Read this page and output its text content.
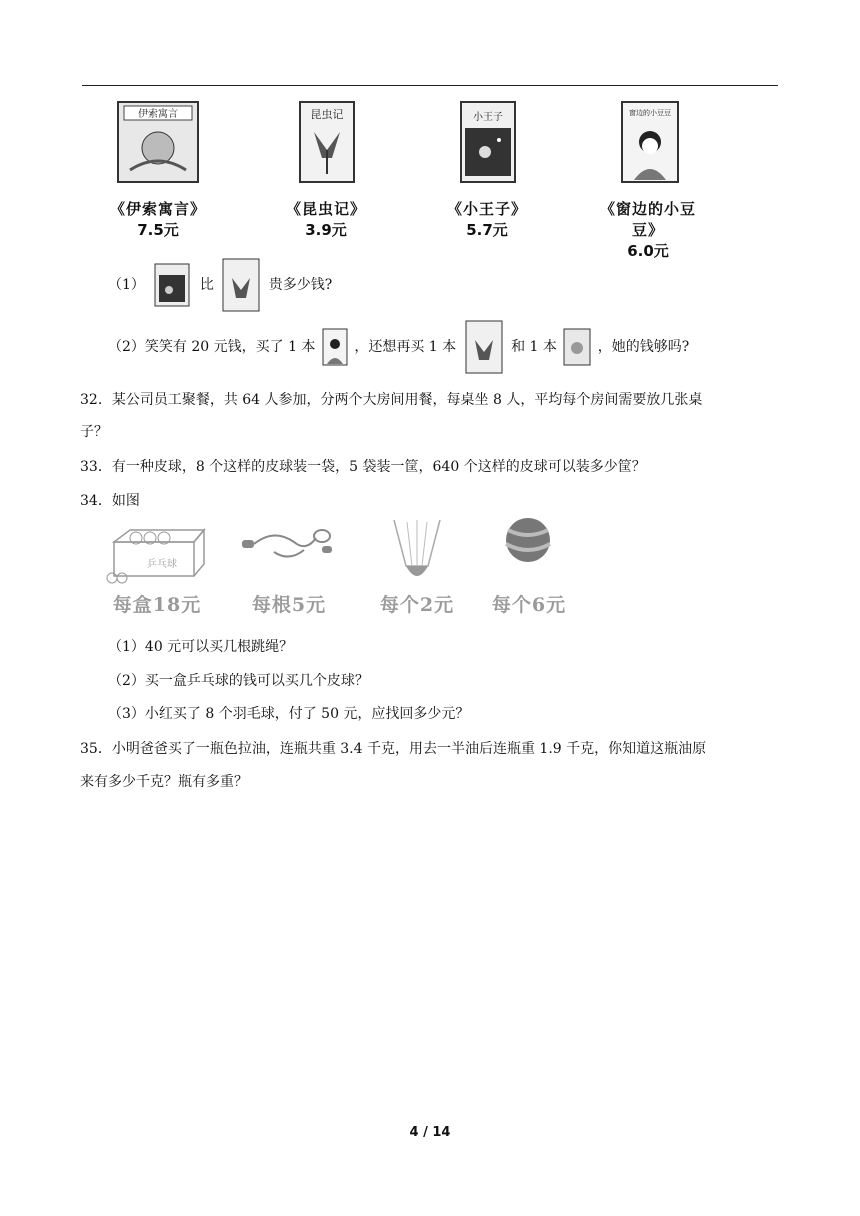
伊索寓言
《伊索寓言》
7.5元
昆虫记
《昆虫记》
3.9元
小王子
《小王子》
5.7元
窗边的小豆豆
《窗边的小豆豆》
6.0元
（1）	比	贵多少钱?
（2）笑笑有 20 元钱，买了 1 本	，还想再买 1 本	和 1 本	，她的钱够吗?
32．某公司员工聚餐，共 64 人参加，分两个大房间用餐，每桌坐 8 人，平均每个房间需要放几张桌
子？
33．有一种皮球，8 个这样的皮球装一袋，5 袋装一筐，640 个这样的皮球可以装多少筐？
34．如图
乒乓球
每盒18元	每根5元	每个2元	每个6元
（1）40 元可以买几根跳绳？
（2）买一盒乒乓球的钱可以买几个皮球？
（3）小红买了 8 个羽毛球，付了 50 元，应找回多少元？
35．小明爸爸买了一瓶色拉油，连瓶共重 3.4 千克，用去一半油后连瓶重 1.9 千克，你知道这瓶油原
来有多少千克？瓶有多重？
4 / 14
